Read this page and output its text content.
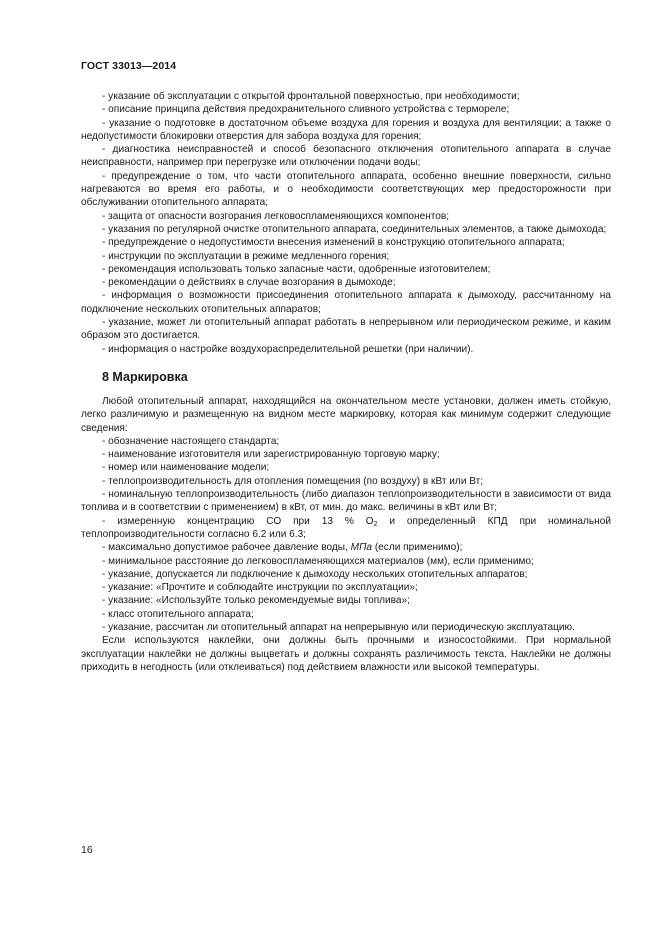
ГОСТ 33013—2014

- указание об эксплуатации с открытой фронтальной поверхностью, при необходимости;

- описание принципа действия предохранительного сливного устройства с терморелe;

- указание о подготовке в достаточном объеме воздуха для горения и воздуха для вентиляции; а также о недопустимости блокировки отверстия для забора воздуха для горения;

- диагностика неисправностей и способ безопасного отключения отопительного аппарата в случае неисправности, например при перегрузке или отключении подачи воды;

- предупреждение о том, что части отопительного аппарата, особенно внешние поверхности, сильно нагреваются во время его работы, и о необходимости соответствующих мер предосторожности при обслуживании отопительного аппарата;

- защита от опасности возгорания легковоспламеняющихся компонентов;

- указания по регулярной очистке отопительного аппарата, соединительных элементов, а также дымохода;

- предупреждение о недопустимости внесения изменений в конструкцию отопительного аппарата;

- инструкции по эксплуатации в режиме медленного горения;

- рекомендация использовать только запасные части, одобренные изготовителем;

- рекомендации о действиях в случае возгорания в дымоходе;

- информация о возможности присоединения отопительного аппарата к дымоходу, рассчитанному на подключение нескольких отопительных аппаратов;

- указание, может ли отопительный аппарат работать в непрерывном или периодическом режиме, и каким образом это достигается.

- информация о настройке воздухораспределительной решетки (при наличии).

8 Маркировка

Любой отопительный аппарат, находящийся на окончательном месте установки, должен иметь стойкую, легко различимую и размещенную на видном месте маркировку, которая как минимум содержит следующие сведения:

- обозначение настоящего стандарта;

- наименование изготовителя или зарегистрированную торговую марку;

- номер или наименование модели;

- теплопроизводительность для отопления помещения (по воздуху) в кВт или Вт;

- номинальную теплопроизводительность (либо диапазон теплопроизводительности в зависимости от вида топлива и в соответствии с применением) в кВт, от мин. до макс. величины в кВт или Вт;

- измеренную концентрацию СО при 13 % $О_2$ и определенный КПД при номинальной теплопроизводительности согласно 6.2 или 6.3;

- максимально допустимое рабочее давление воды, МПа (если применимо);

- минимальное расстояние до легковоспламеняющихся материалов (мм), если применимо;

- указание, допускается ли подключение к дымоходу нескольких отопительных аппаратов;

- указание: «Прочтите и соблюдайте инструкции по эксплуатации»;

- указание: «Используйте только рекомендуемые виды топлива»;

- класс отопительного аппарата;

- указание, рассчитан ли отопительный аппарат на непрерывную или периодическую эксплуатацию.

Если используются наклейки, они должны быть прочными и износостойкими. При нормальной эксплуатации наклейки не должны выцветать и должны сохранять различимость текста. Наклейки не должны приходить в негодность (или отклеиваться) под действием влажности или высокой температуры.

16
